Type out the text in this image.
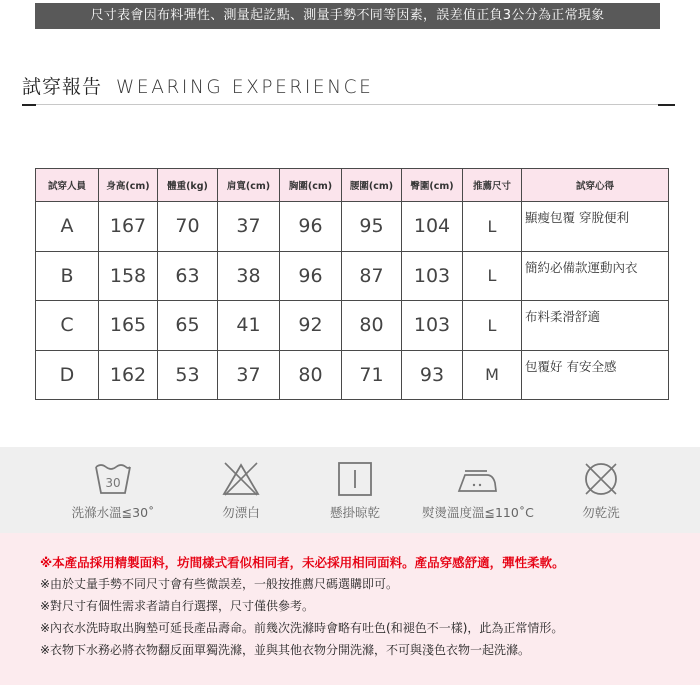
尺寸表會因布料彈性、測量起訖點、測量手勢不同等因素，誤差值正負3公分為正常現象
試穿報告 WEARING EXPERIENCE
試穿人員	身高(cm)	體重(kg)	肩寬(cm)	胸圍(cm)	腰圍(cm)	臀圍(cm)	推薦尺寸	試穿心得
A	167	70	37	96	95	104	L	顯瘦包覆 穿脫便利
B	158	63	38	96	87	103	L	簡約必備款運動內衣
C	165	65	41	92	80	103	L	布料柔滑舒適
D	162	53	37	80	71	93	M	包覆好 有安全感
30
洗滌水溫≦30˚	勿漂白	懸掛晾乾	熨燙溫度溫≦110˚C	勿乾洗
※本產品採用精製面料，坊間樣式看似相同者，未必採用相同面料。產品穿感舒適，彈性柔軟。
※由於丈量手勢不同尺寸會有些微誤差，一般按推薦尺碼選購即可。
※對尺寸有個性需求者請自行選擇，尺寸僅供參考。
※內衣水洗時取出胸墊可延長產品壽命。前幾次洗滌時會略有吐色(和褪色不一樣)，此為正常情形。
※衣物下水務必將衣物翻反面單獨洗滌，並與其他衣物分開洗滌，不可與淺色衣物一起洗滌。
